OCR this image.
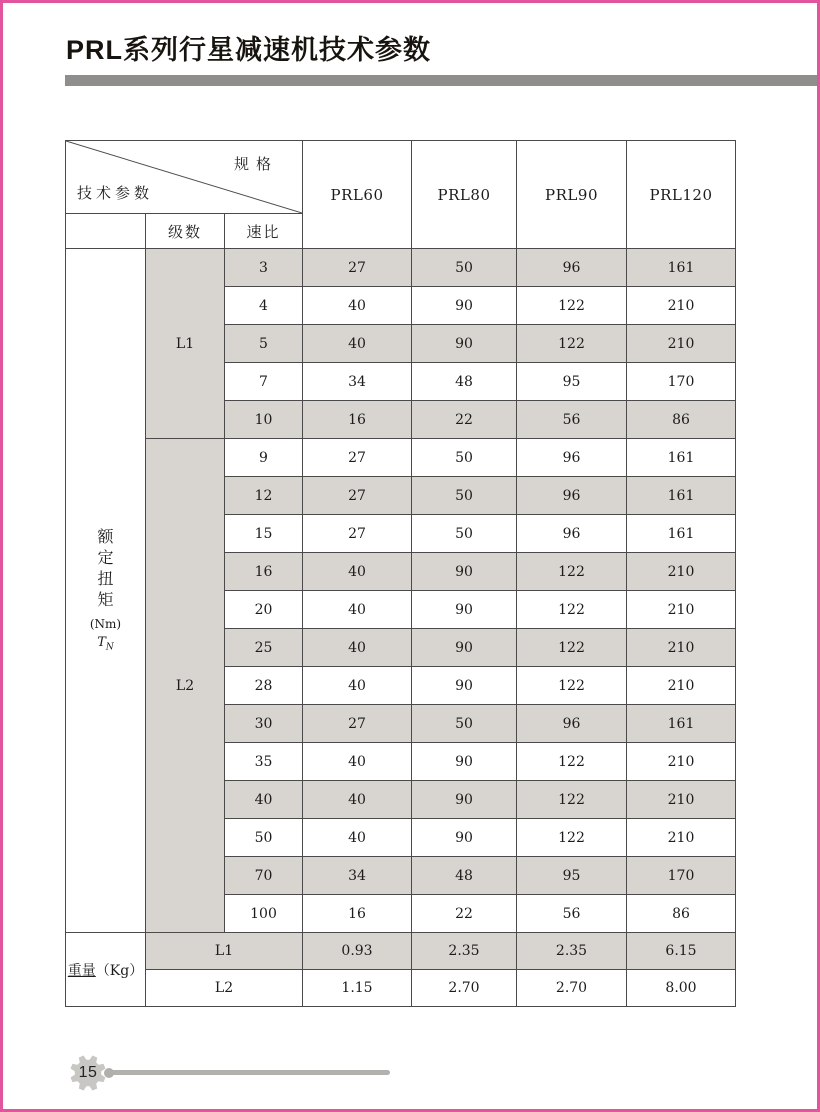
PRL系列行星减速机技术参数
规格
技术参数			PRL60	PRL80	PRL90	PRL120
	级数	速比				

额
定
扭
矩
(Nm)
$T_N$
	L1	3	27	50	96	161
		4	40	90	122	210
		5	40	90	122	210
		7	34	48	95	170
		10	16	22	56	86
	L2	9	27	50	96	161
		12	27	50	96	161
		15	27	50	96	161
		16	40	90	122	210
		20	40	90	122	210
		25	40	90	122	210
		28	40	90	122	210
		30	27	50	96	161
		35	40	90	122	210
		40	40	90	122	210
		50	40	90	122	210
		70	34	48	95	170
		100	16	22	56	86
重量（Kg）	L1		0.93	2.35	2.35	6.15
	L2		1.15	2.70	2.70	8.00
15
